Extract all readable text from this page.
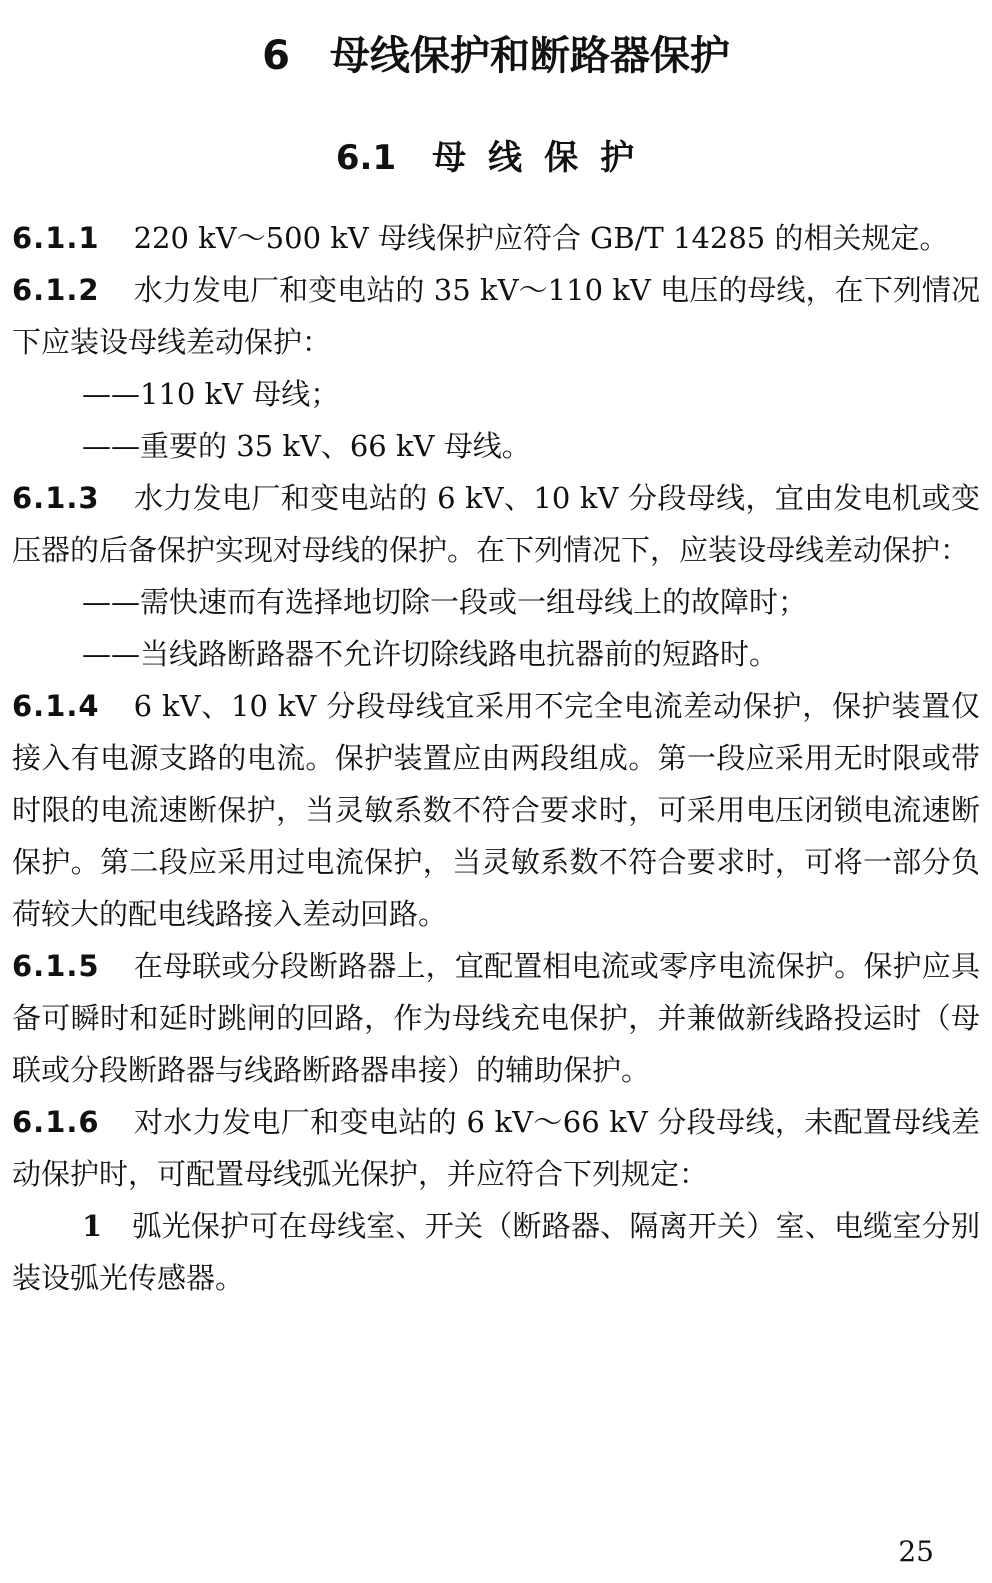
6 母线保护和断路器保护
6.1 母线保护

6.1.1 220 kV～500 kV 母线保护应符合 GB/T 14285 的相关规定。

6.1.2 水力发电厂和变电站的 35 kV～110 kV 电压的母线，在下列情况下应装设母线差动保护：

——110 kV 母线；

——重要的 35 kV、66 kV 母线。

6.1.3 水力发电厂和变电站的 6 kV、10 kV 分段母线，宜由发电机或变压器的后备保护实现对母线的保护。在下列情况下，应装设母线差动保护：

——需快速而有选择地切除一段或一组母线上的故障时；

——当线路断路器不允许切除线路电抗器前的短路时。

6.1.4 6 kV、10 kV 分段母线宜采用不完全电流差动保护，保护装置仅接入有电源支路的电流。保护装置应由两段组成。第一段应采用无时限或带时限的电流速断保护，当灵敏系数不符合要求时，可采用电压闭锁电流速断保护。第二段应采用过电流保护，当灵敏系数不符合要求时，可将一部分负荷较大的配电线路接入差动回路。

6.1.5 在母联或分段断路器上，宜配置相电流或零序电流保护。保护应具备可瞬时和延时跳闸的回路，作为母线充电保护，并兼做新线路投运时（母联或分段断路器与线路断路器串接）的辅助保护。

6.1.6 对水力发电厂和变电站的 6 kV～66 kV 分段母线，未配置母线差动保护时，可配置母线弧光保护，并应符合下列规定：

1 弧光保护可在母线室、开关（断路器、隔离开关）室、电缆室分别装设弧光传感器。

25
